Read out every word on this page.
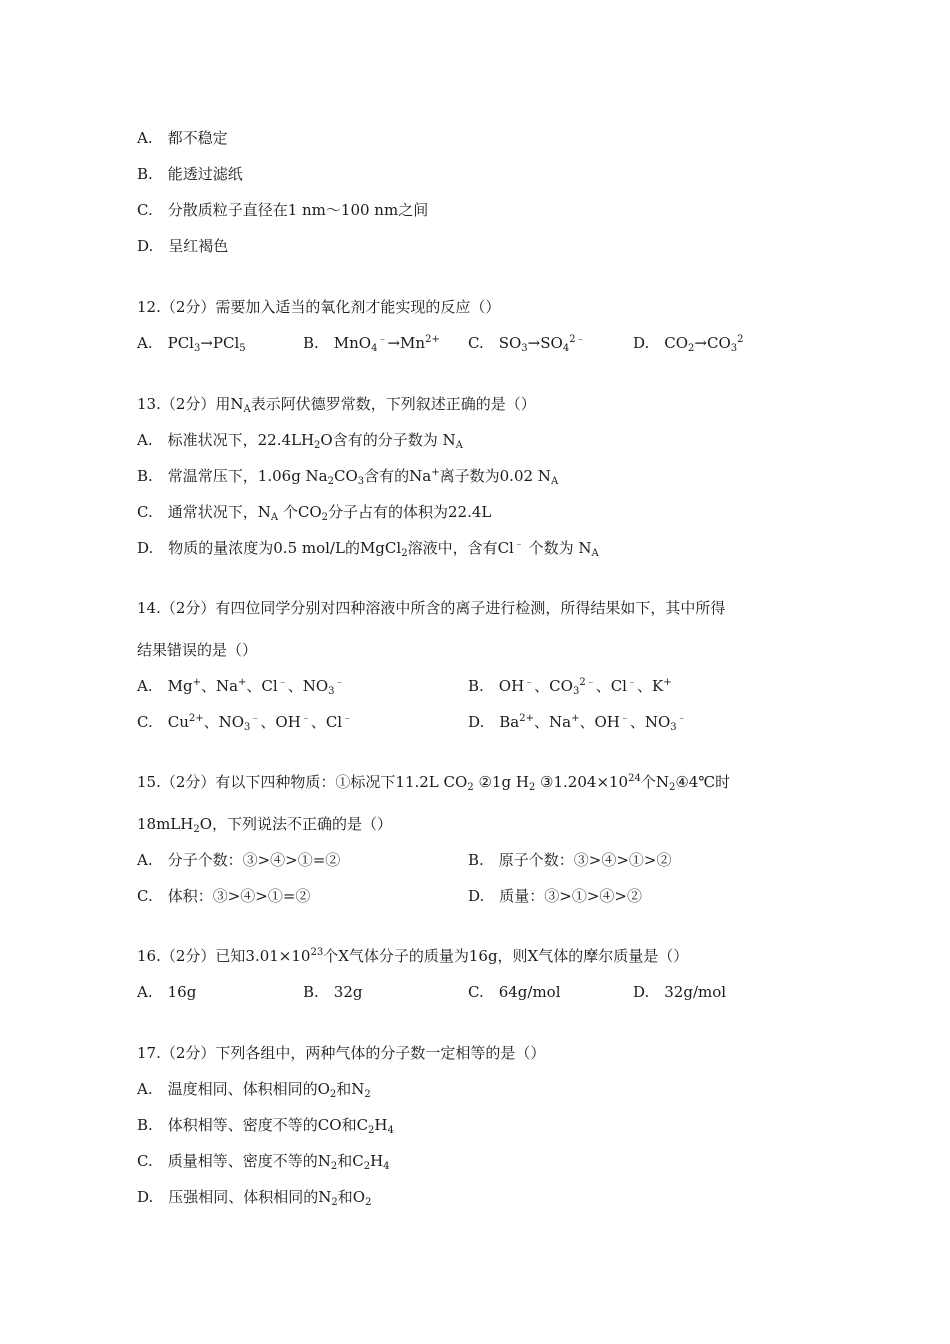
A.　都不稳定
B.　能透过滤纸
C.　分散质粒子直径在1 nm～100 nm之间
D.　呈红褐色
12.（2分）需要加入适当的氧化剂才能实现的反应（）
A.　PCl$_3$→PCl$_5$	B.　$MnO_4^﹣\to Mn^{2+}$ C.　$SO_3\to SO_4^{2﹣}$	D.　$CO_2\to CO_3^2$
13.（2分）用$N_A$表示阿伏德罗常数，下列叙述正确的是（）
A.　标准状况下，$22.4LH_2O$含有的分子数为 $N_A$
B.　常温常压下，1.06g $Na_2CO_3$含有的Na+离子数为0.02 $N_A$
C.　通常状况下，$N_A$ 个$CO_2$分子占有的体积为22.4L
D.　物质的量浓度为0.5 mol/L的MgCl$_2$溶液中，含有Cl﹣ 个数为 $N_A$
14.（2分）有四位同学分别对四种溶液中所含的离子进行检测，所得结果如下，其中所得
结果错误的是（）
A.　Mg+、Na+、Cl﹣、$NO_3^﹣$	B.　OH﹣、$CO_3^{2﹣}$、Cl﹣、K+
C.　$Cu^{2+}$、$NO_3^﹣$、OH﹣、Cl﹣	D.　$Ba^{2+}$、Na+、OH﹣、$NO_3^﹣$
15.（2分）有以下四种物质：①标况下11.2L $CO_2$ ②1g $H_2$ $③1.204\times 10^{24}$个$N_2④4℃$时
18mLH$_2$O，下列说法不正确的是（）
A.　分子个数：③>④>①=②	B.　原子个数：③>④>①>②
C.　体积：③>④>①=②	D.　质量：③>①>④>②
16.（2分）已知$3.01\times 10^{23}$个X气体分子的质量为16g，则X气体的摩尔质量是（）
A.　16g	B.　32g	C.　64g/mol	D.　32g/mol
17.（2分）下列各组中，两种气体的分子数一定相等的是（）
A.　温度相同、体积相同的$O_2$和$N_2$
B.　体积相等、密度不等的CO和$C_2H_4$
C.　质量相等、密度不等的$N_2$和$C_2H_4$
D.　压强相同、体积相同的$N_2$和$O_2$
